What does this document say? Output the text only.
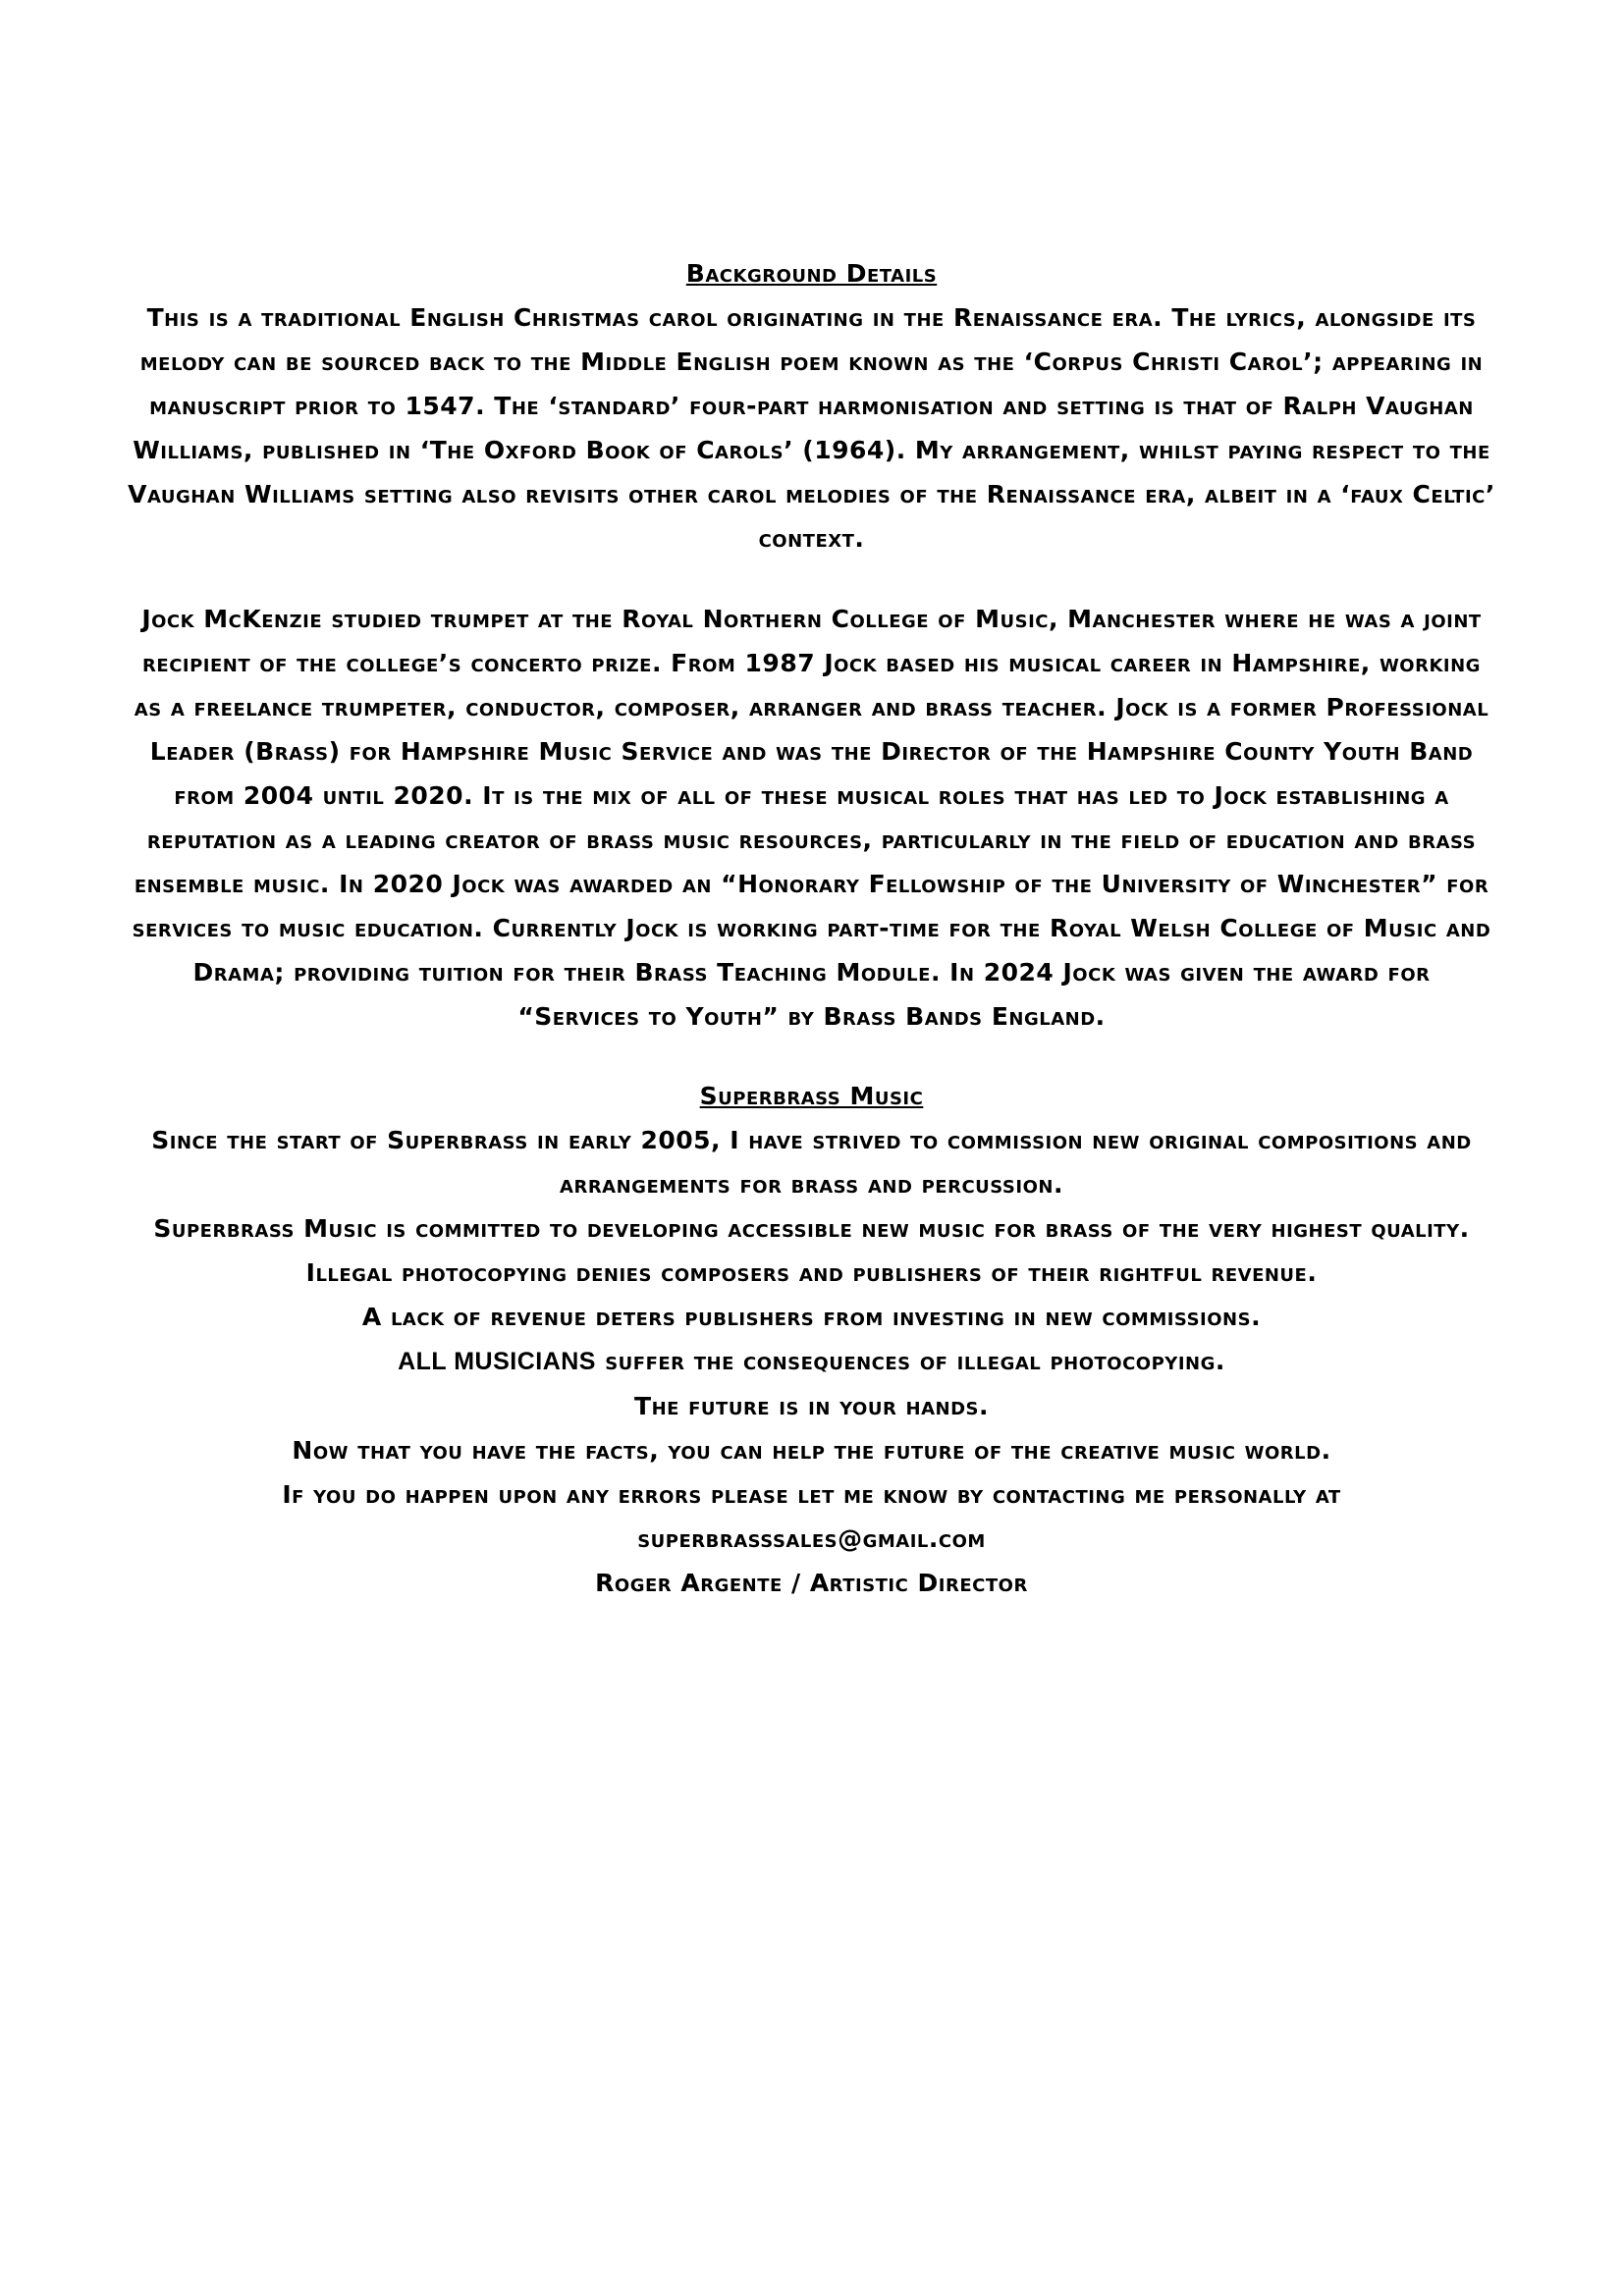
Background Details

This is a traditional English Christmas carol originating in the Renaissance era. The lyrics, alongside its melody can be sourced back to the Middle English poem known as the ‘Corpus Christi Carol’; appearing in manuscript prior to 1547. The ‘standard’ four-part harmonisation and setting is that of Ralph Vaughan Williams, published in ‘The Oxford Book of Carols’ (1964). My arrangement, whilst paying respect to the Vaughan Williams setting also revisits other carol melodies of the Renaissance era, albeit in a ‘faux Celtic’ context.

Jock McKenzie studied trumpet at the Royal Northern College of Music, Manchester where he was a joint recipient of the college’s concerto prize. From 1987 Jock based his musical career in Hampshire, working as a freelance trumpeter, conductor, composer, arranger and brass teacher. Jock is a former Professional Leader (Brass) for Hampshire Music Service and was the Director of the Hampshire County Youth Band from 2004 until 2020. It is the mix of all of these musical roles that has led to Jock establishing a reputation as a leading creator of brass music resources, particularly in the field of education and brass ensemble music. In 2020 Jock was awarded an “Honorary Fellowship of the University of Winchester” for services to music education. Currently Jock is working part-time for the Royal Welsh College of Music and Drama; providing tuition for their Brass Teaching Module. In 2024 Jock was given the award for “Services to Youth” by Brass Bands England.

Superbrass Music

Since the start of Superbrass in early 2005, I have strived to commission new original compositions and arrangements for brass and percussion.

Superbrass Music is committed to developing accessible new music for brass of the very highest quality.

Illegal photocopying denies composers and publishers of their rightful revenue.

A lack of revenue deters publishers from investing in new commissions.

ALL MUSICIANS suffer the consequences of illegal photocopying.

The future is in your hands.

Now that you have the facts, you can help the future of the creative music world.

If you do happen upon any errors please let me know by contacting me personally at

superbrasssales@gmail.com

Roger Argente / Artistic Director
